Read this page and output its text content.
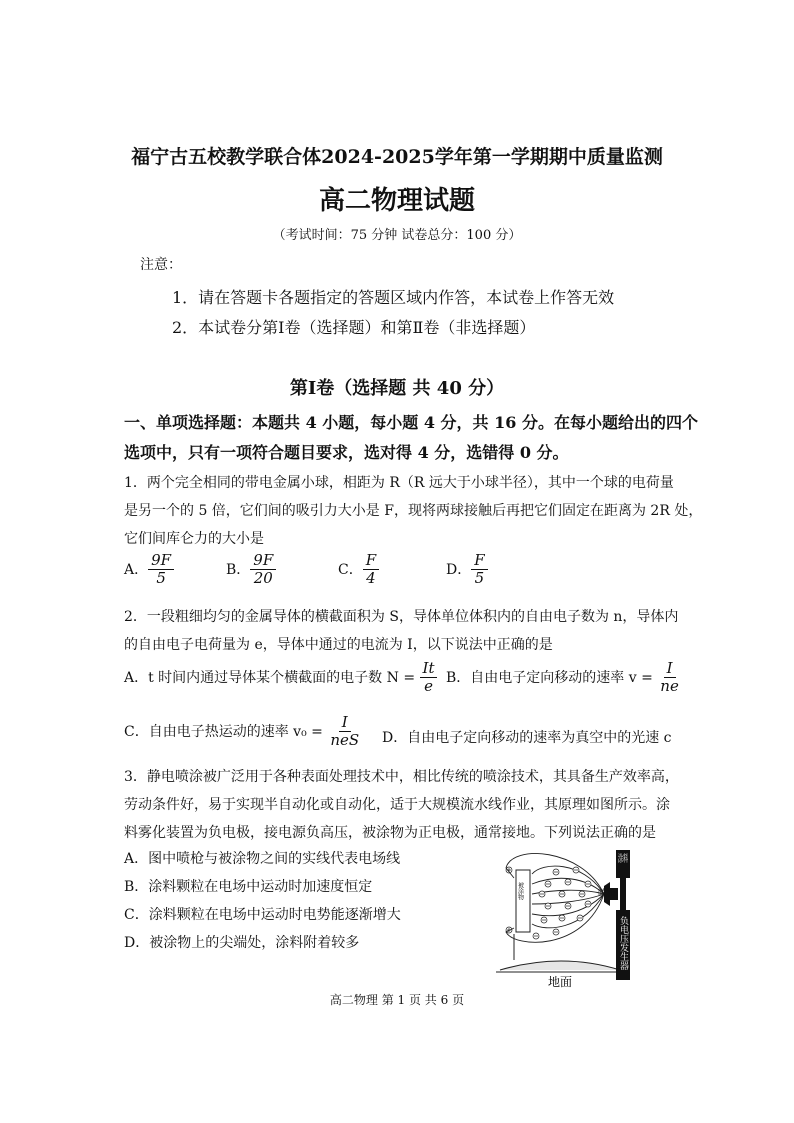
福宁古五校教学联合体2024-2025学年第一学期期中质量监测
高二物理试题
（考试时间：75 分钟 试卷总分：100 分）
注意：
1．请在答题卡各题指定的答题区域内作答，本试卷上作答无效
2．本试卷分第Ⅰ卷（选择题）和第Ⅱ卷（非选择题）
第Ⅰ卷（选择题 共 40 分）
一、单项选择题：本题共 4 小题，每小题 4 分，共 16 分。在每小题给出的四个
选项中，只有一项符合题目要求，选对得 4 分，选错得 0 分。
1．两个完全相同的带电金属小球，相距为 R（R 远大于小球半径），其中一个球的电荷量
是另一个的 5 倍，它们间的吸引力大小是 F，现将两球接触后再把它们固定在距离为 2R 处，
它们间库仑力的大小是
A． $\frac{9F}{5}$	B． $\frac{9F}{20}$	C． $\frac{F}{4}$	D． $\frac{F}{5}$
2．一段粗细均匀的金属导体的横截面积为 S，导体单位体积内的自由电子数为 n，导体内
的自由电子电荷量为 e，导体中通过的电流为 I，以下说法中正确的是
A．t 时间内通过导体某个横截面的电子数 $N = \frac{It}{e}$ B．自由电子定向移动的速率 $v = \frac{I}{ne}$
C．自由电子热运动的速率 $v_0 = \frac{I}{\text{neS}}$ D．自由电子定向移动的速率为真空中的光速 c
3．静电喷涂被广泛用于各种表面处理技术中，相比传统的喷涂技术，其具备生产效率高，
劳动条件好，易于实现半自动化或自动化，适于大规模流水线作业，其原理如图所示。涂
料雾化装置为负电极，接电源负高压，被涂物为正电极，通常接地。下列说法正确的是
A．图中喷枪与被涂物之间的实线代表电场线
B．涂料颗粒在电场中运动时加速度恒定
C．涂料颗粒在电场中运动时电势能逐渐增大
D．被涂物上的尖端处，涂料附着较多
地面
被涂物	喷枪
负电压发生器
高二物理 第 1 页 共 6 页
